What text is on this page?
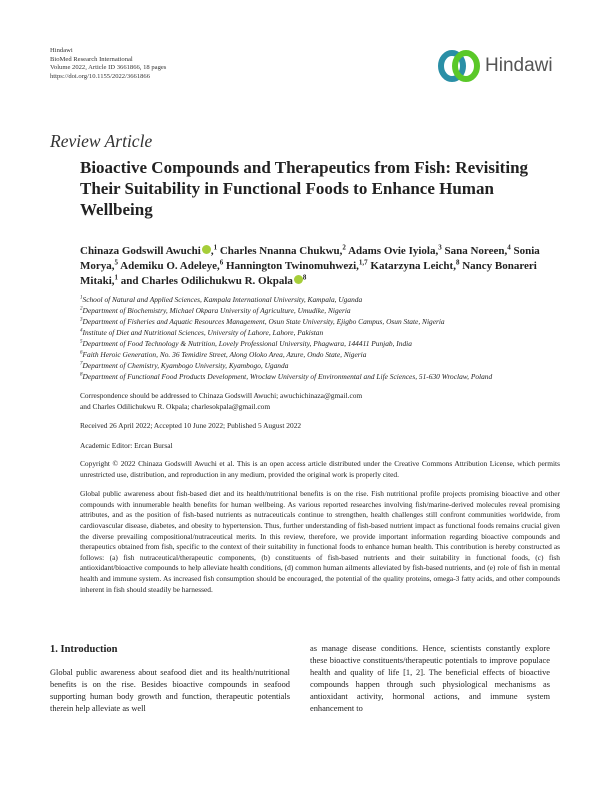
Hindawi
BioMed Research International
Volume 2022, Article ID 3661866, 18 pages
https://doi.org/10.1155/2022/3661866
Hindawi
Review Article
Bioactive Compounds and Therapeutics from Fish: Revisiting Their Suitability in Functional Foods to Enhance Human Wellbeing
Chinaza Godswill Awuchi ,$^1$ Charles Nnanna Chukwu,$^2$ Adams Ovie Iyiola,$^3$ Sana Noreen,$^4$ Sonia Morya,$^5$ Ademiku O. Adeleye,$^6$ Hannington Twinomuhwezi,$^{1,7}$ Katarzyna Leicht,$^8$ Nancy Bonareri Mitaki,$^1$ and Charles Odilichukwu R. Okpala $^8$
$^1$School of Natural and Applied Sciences, Kampala International University, Kampala, Uganda
$^2$Department of Biochemistry, Michael Okpara University of Agriculture, Umudike, Nigeria
$^3$Department of Fisheries and Aquatic Resources Management, Osun State University, Ejigbo Campus, Osun State, Nigeria
$^4$Institute of Diet and Nutritional Sciences, University of Lahore, Lahore, Pakistan
$^5$Department of Food Technology & Nutrition, Lovely Professional University, Phagwara, 144411 Punjab, India
$^6$Faith Heroic Generation, No. 36 Temidire Street, Along Oloko Area, Azure, Ondo State, Nigeria
$^7$Department of Chemistry, Kyambogo University, Kyambogo, Uganda
$^8$Department of Functional Food Products Development, Wroclaw University of Environmental and Life Sciences, 51-630 Wroclaw, Poland
Correspondence should be addressed to Chinaza Godswill Awuchi; awuchichinaza@gmail.com
and Charles Odilichukwu R. Okpala; charlesokpala@gmail.com
Received 26 April 2022; Accepted 10 June 2022; Published 5 August 2022
Academic Editor: Ercan Bursal
Copyright © 2022 Chinaza Godswill Awuchi et al. This is an open access article distributed under the Creative Commons Attribution License, which permits unrestricted use, distribution, and reproduction in any medium, provided the original work is properly cited.
Global public awareness about fish-based diet and its health/nutritional benefits is on the rise. Fish nutritional profile projects promising bioactive and other compounds with innumerable health benefits for human wellbeing. As various reported researches involving fish/marine-derived molecules reveal promising attributes, and as the position of fish-based nutrients as nutraceuticals continue to strengthen, health challenges still confront communities worldwide, from cardiovascular disease, diabetes, and obesity to hypertension. Thus, further understanding of fish-based nutrient impact as functional foods remains crucial given the diverse prevailing compositional/nutraceutical merits. In this review, therefore, we provide important information regarding bioactive compounds and therapeutics obtained from fish, specific to the context of their suitability in functional foods to enhance human health. This contribution is hereby constructed as follows: (a) fish nutraceutical/therapeutic components, (b) constituents of fish-based nutrients and their suitability in functional foods, (c) fish antioxidant/bioactive compounds to help alleviate health conditions, (d) common human ailments alleviated by fish-based nutrients, and (e) role of fish in mental health and immune system. As increased fish consumption should be encouraged, the potential of the quality proteins, omega-3 fatty acids, and other compounds inherent in fish should steadily be harnessed.
1. Introduction
Global public awareness about seafood diet and its health/nutritional benefits is on the rise. Besides bioactive compounds in seafood supporting human body growth and function, therapeutic potentials therein help alleviate as well
as manage disease conditions. Hence, scientists constantly explore these bioactive constituents/therapeutic potentials to improve populace health and quality of life [1, 2]. The beneficial effects of bioactive compounds happen through such physiological mechanisms as antioxidant activity, hormonal actions, and immune system enhancement to
